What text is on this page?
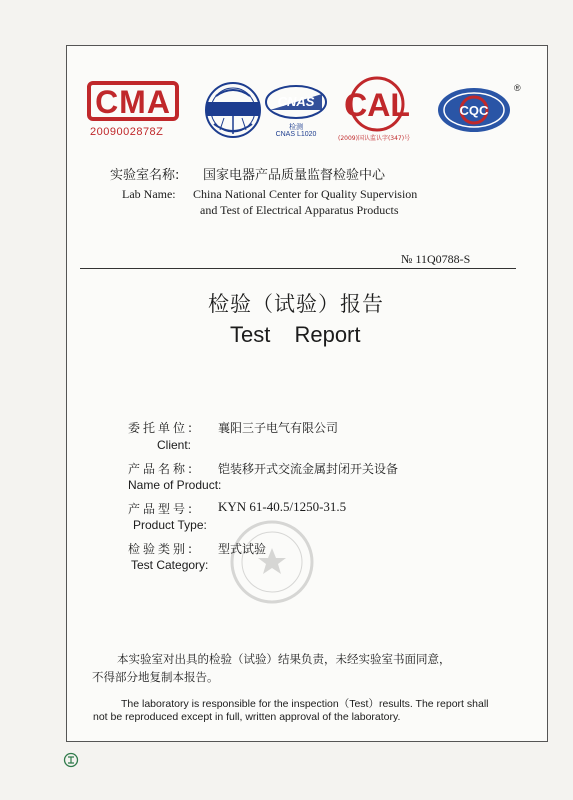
CMA
2009002878Z
CNAS
检测
CNAS L1020
CAL
(2009)国认监认字(347)号
CQC
®
实验室名称: 国家电器产品质量监督检验中心
Lab Name: China National Center for Quality Supervision
and Test of Electrical Apparatus Products
№ 11Q0788-S
检验（试验）报告
Test Report
委托单位: 襄阳三子电气有限公司
Client:
产品名称: 铠装移开式交流金属封闭开关设备
Name of Product:
产品型号: KYN 61-40.5/1250-31.5
Product Type:
检验类别: 型式试验
Test Category:
本实验室对出具的检验（试验）结果负责，未经实验室书面同意，
不得部分地复制本报告。
The laboratory is responsible for the inspection（Test）results. The report shall
not be reproduced except in full, written approval of the laboratory.
